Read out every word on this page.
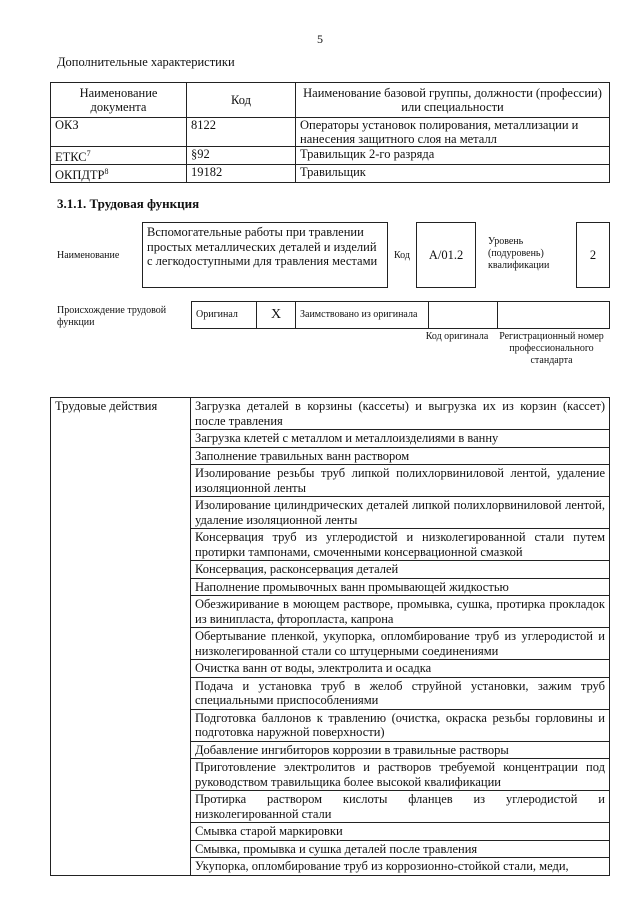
5
Дополнительные характеристики
Наименование документа	Код	Наименование базовой группы, должности (профессии) или специальности
ОКЗ	8122	Операторы установок полирования, металлизации и нанесения защитного слоя на металл
ЕТКС$^7$	§92	Травильщик 2-го разряда
ОКПДТР$^8$	19182	Травильщик
3.1.1. Трудовая функция
Наименование
Вспомогательные работы при травлении простых металлических деталей и изделий с легкодоступными для травления местами	Код	А/01.2
Уровень (подуровень) квалификации
2
Происхождение трудовой функции
Оригинал	X	Заимствовано из оригинала		
Код оригинала	Регистрационный номер профессионального стандарта
Трудовые действия	Загрузка деталей в корзины (кассеты) и выгрузка их из корзин (кассет) после травления
Загрузка клетей с металлом и металлоизделиями в ванну
Заполнение травильных ванн раствором
Изолирование резьбы труб липкой полихлорвиниловой лентой, удаление изоляционной ленты
Изолирование цилиндрических деталей липкой полихлорвиниловой лентой, удаление изоляционной ленты
Консервация труб из углеродистой и низколегированной стали путем протирки тампонами, смоченными консервационной смазкой
Консервация, расконсервация деталей
Наполнение промывочных ванн промывающей жидкостью
Обезжиривание в моющем растворе, промывка, сушка, протирка прокладок из винипласта, фторопласта, капрона
Обертывание пленкой, укупорка, опломбирование труб из углеродистой и низколегированной стали со штуцерными соединениями
Очистка ванн от воды, электролита и осадка
Подача и установка труб в желоб струйной установки, зажим труб специальными приспособлениями
Подготовка баллонов к травлению (очистка, окраска резьбы горловины и подготовка наружной поверхности)
Добавление ингибиторов коррозии в травильные растворы
Приготовление электролитов и растворов требуемой концентрации под руководством травильщика более высокой квалификации
Протирка раствором кислоты фланцев из углеродистой и низколегированной стали
Смывка старой маркировки
Смывка, промывка и сушка деталей после травления
Укупорка, опломбирование труб из коррозионно-стойкой стали, меди,
